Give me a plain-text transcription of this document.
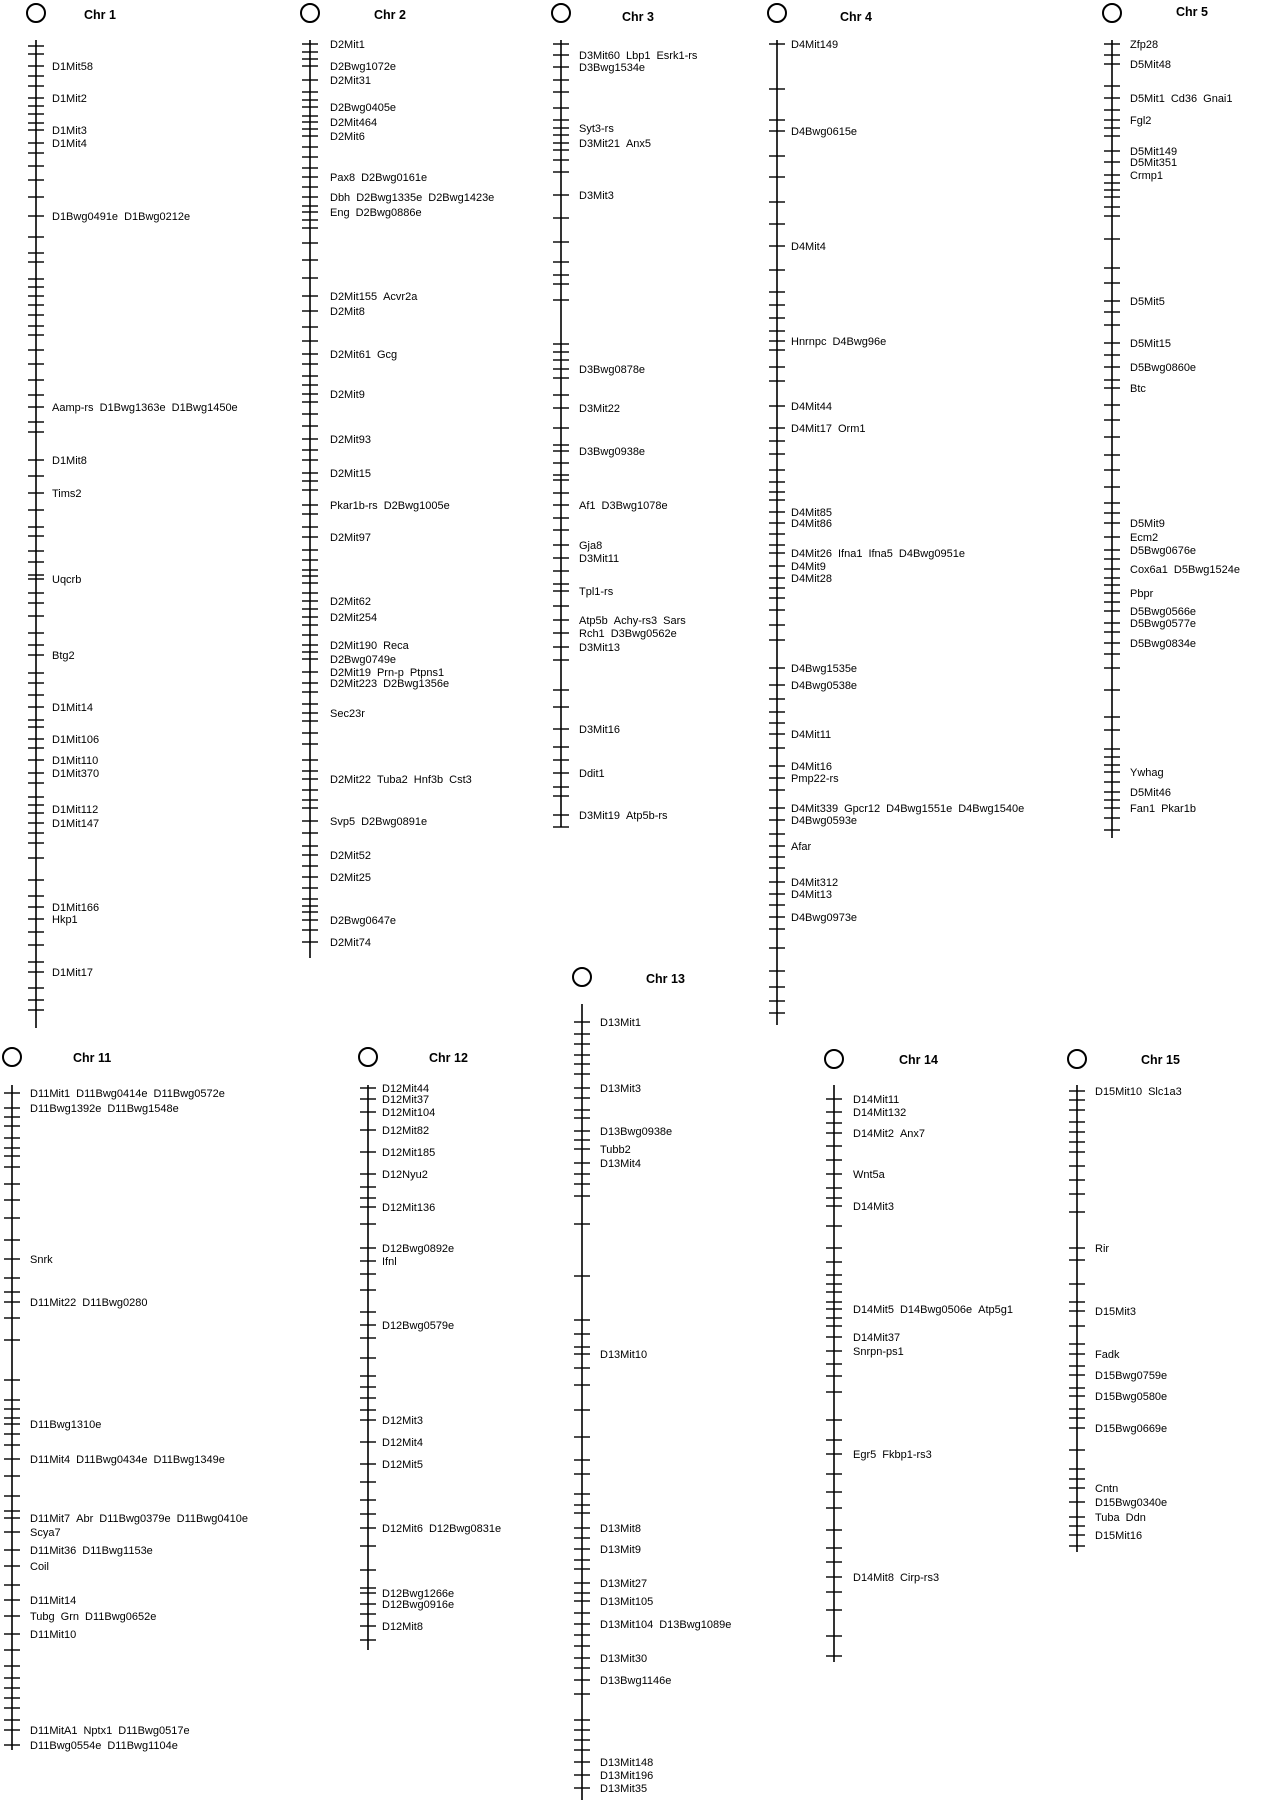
Chr 1
D1Mit58
D1Mit2
D1Mit3
D1Mit4
D1Bwg0491e D1Bwg0212e
Aamp-rs D1Bwg1363e D1Bwg1450e
D1Mit8
Tims2
Uqcrb
Btg2
D1Mit14
D1Mit106
D1Mit110
D1Mit370
D1Mit112
D1Mit147
D1Mit166
Hkp1
D1Mit17
Chr 2
D2Mit1
D2Bwg1072e
D2Mit31
D2Bwg0405e
D2Mit464
D2Mit6
Pax8 D2Bwg0161e
Dbh D2Bwg1335e D2Bwg1423e
Eng D2Bwg0886e
D2Mit155 Acvr2a
D2Mit8
D2Mit61 Gcg
D2Mit9
D2Mit93
D2Mit15
Pkar1b-rs D2Bwg1005e
D2Mit97
D2Mit62
D2Mit254
D2Mit190 Reca
D2Bwg0749e
D2Mit19 Prn-p Ptpns1
D2Mit223 D2Bwg1356e
Sec23r
D2Mit22 Tuba2 Hnf3b Cst3
Svp5 D2Bwg0891e
D2Mit52
D2Mit25
D2Bwg0647e
D2Mit74
Chr 3
D3Mit60 Lbp1 Esrk1-rs
D3Bwg1534e
Syt3-rs
D3Mit21 Anx5
D3Mit3
D3Bwg0878e
D3Mit22
D3Bwg0938e
Af1 D3Bwg1078e
Gja8
D3Mit11
Tpl1-rs
Atp5b Achy-rs3 Sars
Rch1 D3Bwg0562e
D3Mit13
D3Mit16
Ddit1
D3Mit19 Atp5b-rs
Chr 4
D4Mit149
D4Bwg0615e
D4Mit4
Hnrnpc D4Bwg96e
D4Mit44
D4Mit17 Orm1
D4Mit85
D4Mit86
D4Mit26 Ifna1 Ifna5 D4Bwg0951e
D4Mit9
D4Mit28
D4Bwg1535e
D4Bwg0538e
D4Mit11
D4Mit16
Pmp22-rs
D4Mit339 Gpcr12 D4Bwg1551e D4Bwg1540e
D4Bwg0593e
Afar
D4Mit312
D4Mit13
D4Bwg0973e
Chr 5
Zfp28
D5Mit48
D5Mit1 Cd36 Gnai1
Fgl2
D5Mit149
D5Mit351
Crmp1
D5Mit5
D5Mit15
D5Bwg0860e
Btc
D5Mit9
Ecm2
D5Bwg0676e
Cox6a1 D5Bwg1524e
Pbpr
D5Bwg0566e
D5Bwg0577e
D5Bwg0834e
Ywhag
D5Mit46
Fan1 Pkar1b
Chr 13
D13Mit1
D13Mit3
D13Bwg0938e
Tubb2
D13Mit4
D13Mit10
D13Mit8
D13Mit9
D13Mit27
D13Mit105
D13Mit104 D13Bwg1089e
D13Mit30
D13Bwg1146e
D13Mit148
D13Mit196
D13Mit35
Chr 11
D11Mit1 D11Bwg0414e D11Bwg0572e
D11Bwg1392e D11Bwg1548e
Snrk
D11Mit22 D11Bwg0280
D11Bwg1310e
D11Mit4 D11Bwg0434e D11Bwg1349e
D11Mit7 Abr D11Bwg0379e D11Bwg0410e
Scya7
D11Mit36 D11Bwg1153e
Coil
D11Mit14
Tubg Grn D11Bwg0652e
D11Mit10
D11MitA1 Nptx1 D11Bwg0517e
D11Bwg0554e D11Bwg1104e
Chr 12
D12Mit44
D12Mit37
D12Mit104
D12Mit82
D12Mit185
D12Nyu2
D12Mit136
D12Bwg0892e
Ifnl
D12Bwg0579e
D12Mit3
D12Mit4
D12Mit5
D12Mit6 D12Bwg0831e
D12Bwg1266e
D12Bwg0916e
D12Mit8
Chr 14
D14Mit11
D14Mit132
D14Mit2 Anx7
Wnt5a
D14Mit3
D14Mit5 D14Bwg0506e Atp5g1
D14Mit37
Snrpn-ps1
Egr5 Fkbp1-rs3
D14Mit8 Cirp-rs3
Chr 15
D15Mit10 Slc1a3
Rir
D15Mit3
Fadk
D15Bwg0759e
D15Bwg0580e
D15Bwg0669e
Cntn
D15Bwg0340e
Tuba Ddn
D15Mit16
